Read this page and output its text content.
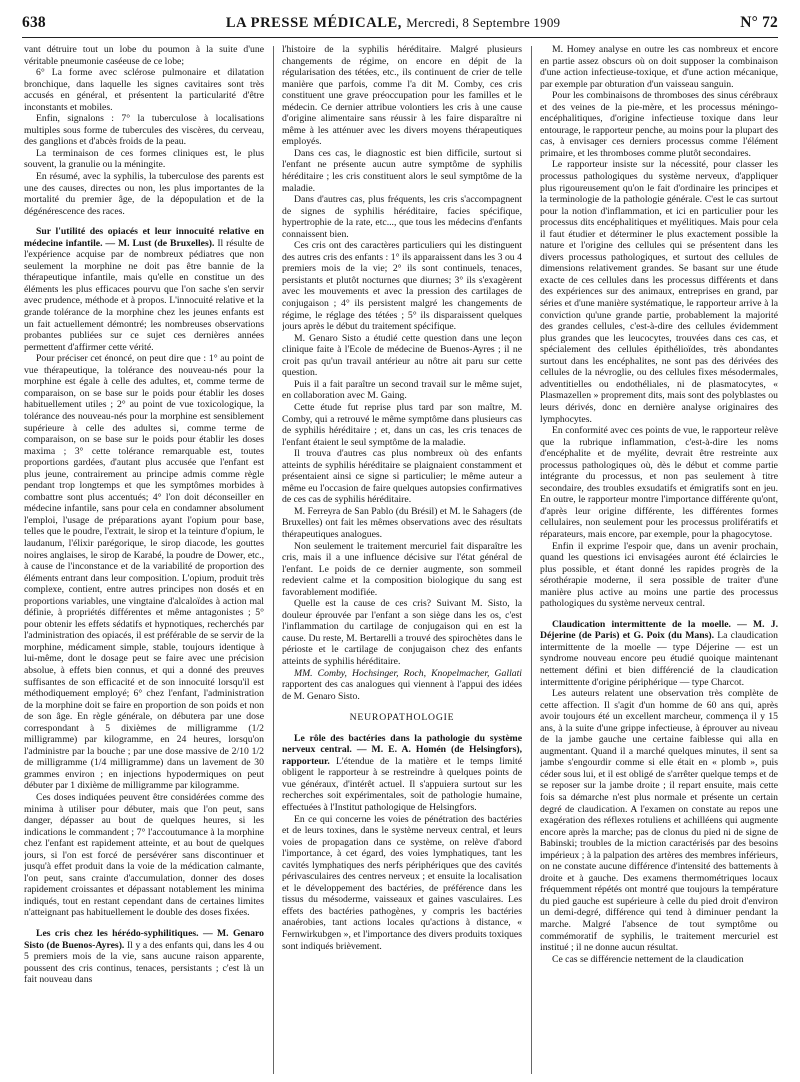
638	LA PRESSE MÉDICALE, Mercredi, 8 Septembre 1909	N° 72

vant détruire tout un lobe du poumon à la suite d'une véritable pneumonie caséeuse de ce lobe;

6° La forme avec sclérose pulmonaire et dilatation bronchique, dans laquelle les signes cavitaires sont très accusés en général, et présentent la particularité d'être inconstants et mobiles.

Enfin, signalons : 7° la tuberculose à localisations multiples sous forme de tubercules des viscères, du cerveau, des ganglions et d'abcès froids de la peau.

La terminaison de ces formes cliniques est, le plus souvent, la granulie ou la méningite.

En résumé, avec la syphilis, la tuberculose des parents est une des causes, directes ou non, les plus importantes de la mortalité du premier âge, de la dépopulation et de la dégénérescence des races.

Sur l'utilité des opiacés et leur innocuité relative en médecine infantile. — M. Lust (de Bruxelles). Il résulte de l'expérience acquise par de nombreux pédiatres que non seulement la morphine ne doit pas être bannie de la thérapeutique infantile, mais qu'elle en constitue un des éléments les plus efficaces pourvu que l'on sache s'en servir avec prudence, méthode et à propos. L'innocuité relative et la grande tolérance de la morphine chez les jeunes enfants est un fait actuellement démontré; les nombreuses observations probantes publiées sur ce sujet ces dernières années permettent d'affirmer cette vérité.

Pour préciser cet énoncé, on peut dire que : 1° au point de vue thérapeutique, la tolérance des nouveau-nés pour la morphine est égale à celle des adultes, et, comme terme de comparaison, on se base sur le poids pour établir les doses habituellement utiles ; 2° au point de vue toxicologique, la tolérance des nouveau-nés pour la morphine est sensiblement supérieure à celle des adultes si, comme terme de comparaison, on se base sur le poids pour établir les doses maxima ; 3° cette tolérance remarquable est, toutes proportions gardées, d'autant plus accusée que l'enfant est plus jeune, contrairement au principe admis comme règle pendant trop longtemps et que les symptômes morbides à combattre sont plus accentués; 4° l'on doit déconseiller en médecine infantile, sans pour cela en condamner absolument l'emploi, l'usage de préparations ayant l'opium pour base, telles que le poudre, l'extrait, le sirop et la teinture d'opium, le laudanum, l'élixir parégorique, le sirop diacode, les gouttes noires anglaises, le sirop de Karabé, la poudre de Dower, etc., à cause de l'inconstance et de la variabilité de proportion des éléments entrant dans leur composition. L'opium, produit très complexe, contient, entre autres principes non dosés et en proportions variables, une vingtaine d'alcaloïdes à action mal définie, à propriétés différentes et même antagonistes ; 5° pour obtenir les effets sédatifs et hypnotiques, recherchés par l'administration des opiacés, il est préférable de se servir de la morphine, médicament simple, stable, toujours identique à lui-même, dont le dosage peut se faire avec une précision absolue, à effets bien connus, et qui a donné des preuves suffisantes de son efficacité et de son innocuité lorsqu'il est méthodiquement employé; 6° chez l'enfant, l'administration de la morphine doit se faire en proportion de son poids et non de son âge. En règle générale, on débutera par une dose correspondant à 5 dixièmes de milligramme (1/2 milligramme) par kilogramme, en 24 heures, lorsqu'on l'administre par la bouche ; par une dose massive de 2/10 1/2 de milligramme (1/4 milligramme) dans un lavement de 30 grammes environ ; en injections hypodermiques on peut débuter par 1 dixième de milligramme par kilogramme.

Ces doses indiquées peuvent être considérées comme des minima à utiliser pour débuter, mais que l'on peut, sans danger, dépasser au bout de quelques heures, si les indications le commandent ; 7° l'accoutumance à la morphine chez l'enfant est rapidement atteinte, et au bout de quelques jours, si l'on est forcé de persévérer sans discontinuer et jusqu'à effet produit dans la voie de la médication calmante, l'on peut, sans crainte d'accumulation, donner des doses rapidement croissantes et dépassant notablement les minima indiqués, tout en restant cependant dans de certaines limites n'atteignant pas habituellement le double des doses fixées.

Les cris chez les hérédo-syphilitiques. — M. Genaro Sisto (de Buenos-Ayres). Il y a des enfants qui, dans les 4 ou 5 premiers mois de la vie, sans aucune raison apparente, poussent des cris continus, tenaces, persistants ; c'est là un fait nouveau dans

l'histoire de la syphilis héréditaire. Malgré plusieurs changements de régime, on encore en dépit de la régularisation des tétées, etc., ils continuent de crier de telle manière que parfois, comme l'a dit M. Comby, ces cris constituent une grave préoccupation pour les familles et le médecin. Ce dernier attribue volontiers les cris à une cause d'origine alimentaire sans réussir à les faire disparaître ni même à les atténuer avec les divers moyens thérapeutiques employés.

Dans ces cas, le diagnostic est bien difficile, surtout si l'enfant ne présente aucun autre symptôme de syphilis héréditaire ; les cris constituent alors le seul symptôme de la maladie.

Dans d'autres cas, plus fréquents, les cris s'accompagnent de signes de syphilis héréditaire, facies spécifique, hypertrophie de la rate, etc..., que tous les médecins d'enfants connaissent bien.

Ces cris ont des caractères particuliers qui les distinguent des autres cris des enfants : 1° ils apparaissent dans les 3 ou 4 premiers mois de la vie; 2° ils sont continuels, tenaces, persistants et plutôt nocturnes que diurnes; 3° ils s'exagèrent avec les mouvements et avec la pression des cartilages de conjugaison ; 4° ils persistent malgré les changements de régime, le réglage des tétées ; 5° ils disparaissent quelques jours après le début du traitement spécifique.

M. Genaro Sisto a étudié cette question dans une leçon clinique faite à l'Ecole de médecine de Buenos-Ayres ; il ne croit pas qu'un travail antérieur au nôtre ait paru sur cette question.

Puis il a fait paraître un second travail sur le même sujet, en collaboration avec M. Gaing.

Cette étude fut reprise plus tard par son maître, M. Comby, qui a retrouvé le même symptôme dans plusieurs cas de syphilis héréditaire ; et, dans un cas, les cris tenaces de l'enfant étaient le seul symptôme de la maladie.

Il trouva d'autres cas plus nombreux où des enfants atteints de syphilis héréditaire se plaignaient constamment et présentaient ainsi ce signe si particulier; le même auteur a même eu l'occasion de faire quelques autopsies confirmatives de ces cas de syphilis héréditaire.

M. Ferreyra de San Pablo (du Brésil) et M. le Sahagers (de Bruxelles) ont fait les mêmes observations avec des résultats thérapeutiques analogues.

Non seulement le traitement mercuriel fait disparaître les cris, mais il a une influence décisive sur l'état général de l'enfant. Le poids de ce dernier augmente, son sommeil redevient calme et la composition biologique du sang est favorablement modifiée.

Quelle est la cause de ces cris? Suivant M. Sisto, la douleur éprouvée par l'enfant a son siège dans les os, c'est l'inflammation du cartilage de conjugaison qui en est la cause. Du reste, M. Bertarelli a trouvé des spirochètes dans le périoste et le cartilage de conjugaison chez des enfants atteints de syphilis héréditaire.

MM. Comby, Hochsinger, Roch, Knopelmacher, Gallati rapportent des cas analogues qui viennent à l'appui des idées de M. Genaro Sisto.

NEUROPATHOLOGIE

Le rôle des bactéries dans la pathologie du système nerveux central. — M. E. A. Homén (de Helsingfors), rapporteur. L'étendue de la matière et le temps limité obligent le rapporteur à se restreindre à quelques points de vue généraux, d'intérêt actuel. Il s'appuiera surtout sur les recherches soit expérimentales, soit de pathologie humaine, effectuées à l'Institut pathologique de Helsingfors.

En ce qui concerne les voies de pénétration des bactéries et de leurs toxines, dans le système nerveux central, et leurs voies de propagation dans ce système, on relève d'abord l'importance, à cet égard, des voies lymphatiques, tant les cavités lymphatiques des nerfs périphériques que des cavités périvasculaires des centres nerveux ; et ensuite la localisation et le développement des bactéries, de préférence dans les tissus du mésoderme, vaisseaux et gaines vasculaires. Les effets des bactéries pathogènes, y compris les bactéries anaérobies, tant actions locales qu'actions à distance, « Fernwirkubgen », et l'importance des divers produits toxiques sont indiqués brièvement.

M. Homey analyse en outre les cas nombreux et encore en partie assez obscurs où on doit supposer la combinaison d'une action infectieuse-toxique, et d'une action mécanique, par exemple par obturation d'un vaisseau sanguin.

Pour les combinaisons de thromboses des sinus cérébraux et des veines de la pie-mère, et les processus méningo-encéphalitiques, d'origine infectieuse toxique dans leur entourage, le rapporteur penche, au moins pour la plupart des cas, à envisager ces derniers processus comme l'élément primaire, et les thromboses comme plutôt secondaires.

Le rapporteur insiste sur la nécessité, pour classer les processus pathologiques du système nerveux, d'appliquer plus rigoureusement qu'on le fait d'ordinaire les principes et la terminologie de la pathologie générale. C'est le cas surtout pour la notion d'inflammation, et ici en particulier pour les processus dits encéphalitiques et myélitiques. Mais pour cela il faut étudier et déterminer le plus exactement possible la nature et l'origine des cellules qui se présentent dans les divers processus pathologiques, et surtout des cellules de dimensions relativement grandes. Se basant sur une étude exacte de ces cellules dans les processus différents et dans des expériences sur des animaux, entreprises en grand, par séries et d'une manière systématique, le rapporteur arrive à la conviction qu'une grande partie, probablement la majorité des grandes cellules, c'est-à-dire des cellules évidemment plus grandes que les leucocytes, trouvées dans ces cas, et spécialement des cellules épithélioïdes, très abondantes surtout dans les encéphalites, ne sont pas des dérivées des cellules de la névroglie, ou des cellules fixes mésodermales, adventitielles ou endothéliales, ni de plasmatocytes, « Plasmazellen » proprement dits, mais sont des polyblastes ou leurs dérivés, donc en dernière analyse originaires des lymphocytes.

En conformité avec ces points de vue, le rapporteur relève que la rubrique inflammation, c'est-à-dire les noms d'encéphalite et de myélite, devrait être restreinte aux processus pathologiques où, dès le début et comme partie intégrante du processus, et non pas seulement à titre secondaire, des troubles exsudatifs et émigratifs sont en jeu. En outre, le rapporteur montre l'importance différente qu'ont, d'après leur origine différente, les différentes formes cellulaires, non seulement pour les processus prolifératifs et réparateurs, mais encore, par exemple, pour la phagocytose.

Enfin il exprime l'espoir que, dans un avenir prochain, quand les questions ici envisagées auront été éclaircies le plus possible, et étant donné les rapides progrès de la sérothérapie moderne, il sera possible de traiter d'une manière plus active au moins une partie des processus pathologiques du système nerveux central.

Claudication intermittente de la moelle. — M. J. Déjerine (de Paris) et G. Poix (du Mans). La claudication intermittente de la moelle — type Déjerine — est un syndrome nouveau encore peu étudié quoique maintenant nettement défini et bien différencié de la claudication intermittente d'origine périphérique — type Charcot.

Les auteurs relatent une observation très complète de cette affection. Il s'agit d'un homme de 60 ans qui, après avoir toujours été un excellent marcheur, commença il y 15 ans, à la suite d'une grippe infectieuse, à éprouver au niveau de la jambe gauche une certaine faiblesse qui alla en augmentant. Quand il a marché quelques minutes, il sent sa jambe s'engourdir comme si elle était en « plomb », puis céder sous lui, et il est obligé de s'arrêter quelque temps et de se reposer sur la jambe droite ; il repart ensuite, mais cette fois sa démarche n'est plus normale et présente un certain degré de claudication. A l'examen on constate au repos une exagération des réflexes rotuliens et achilléens qui augmente encore après la marche; pas de clonus du pied ni de signe de Babinski; troubles de la miction caractérisés par des besoins impérieux ; à la palpation des artères des membres inférieurs, on ne constate aucune différence d'intensité des battements à droite et à gauche. Des examens thermométriques locaux fréquemment répétés ont montré que toujours la température du pied gauche est supérieure à celle du pied droit d'environ un demi-degré, différence qui tend à diminuer pendant la marche. Malgré l'absence de tout symptôme ou commémoratif de syphilis, le traitement mercuriel est institué ; il ne donne aucun résultat.

Ce cas se différencie nettement de la claudication
